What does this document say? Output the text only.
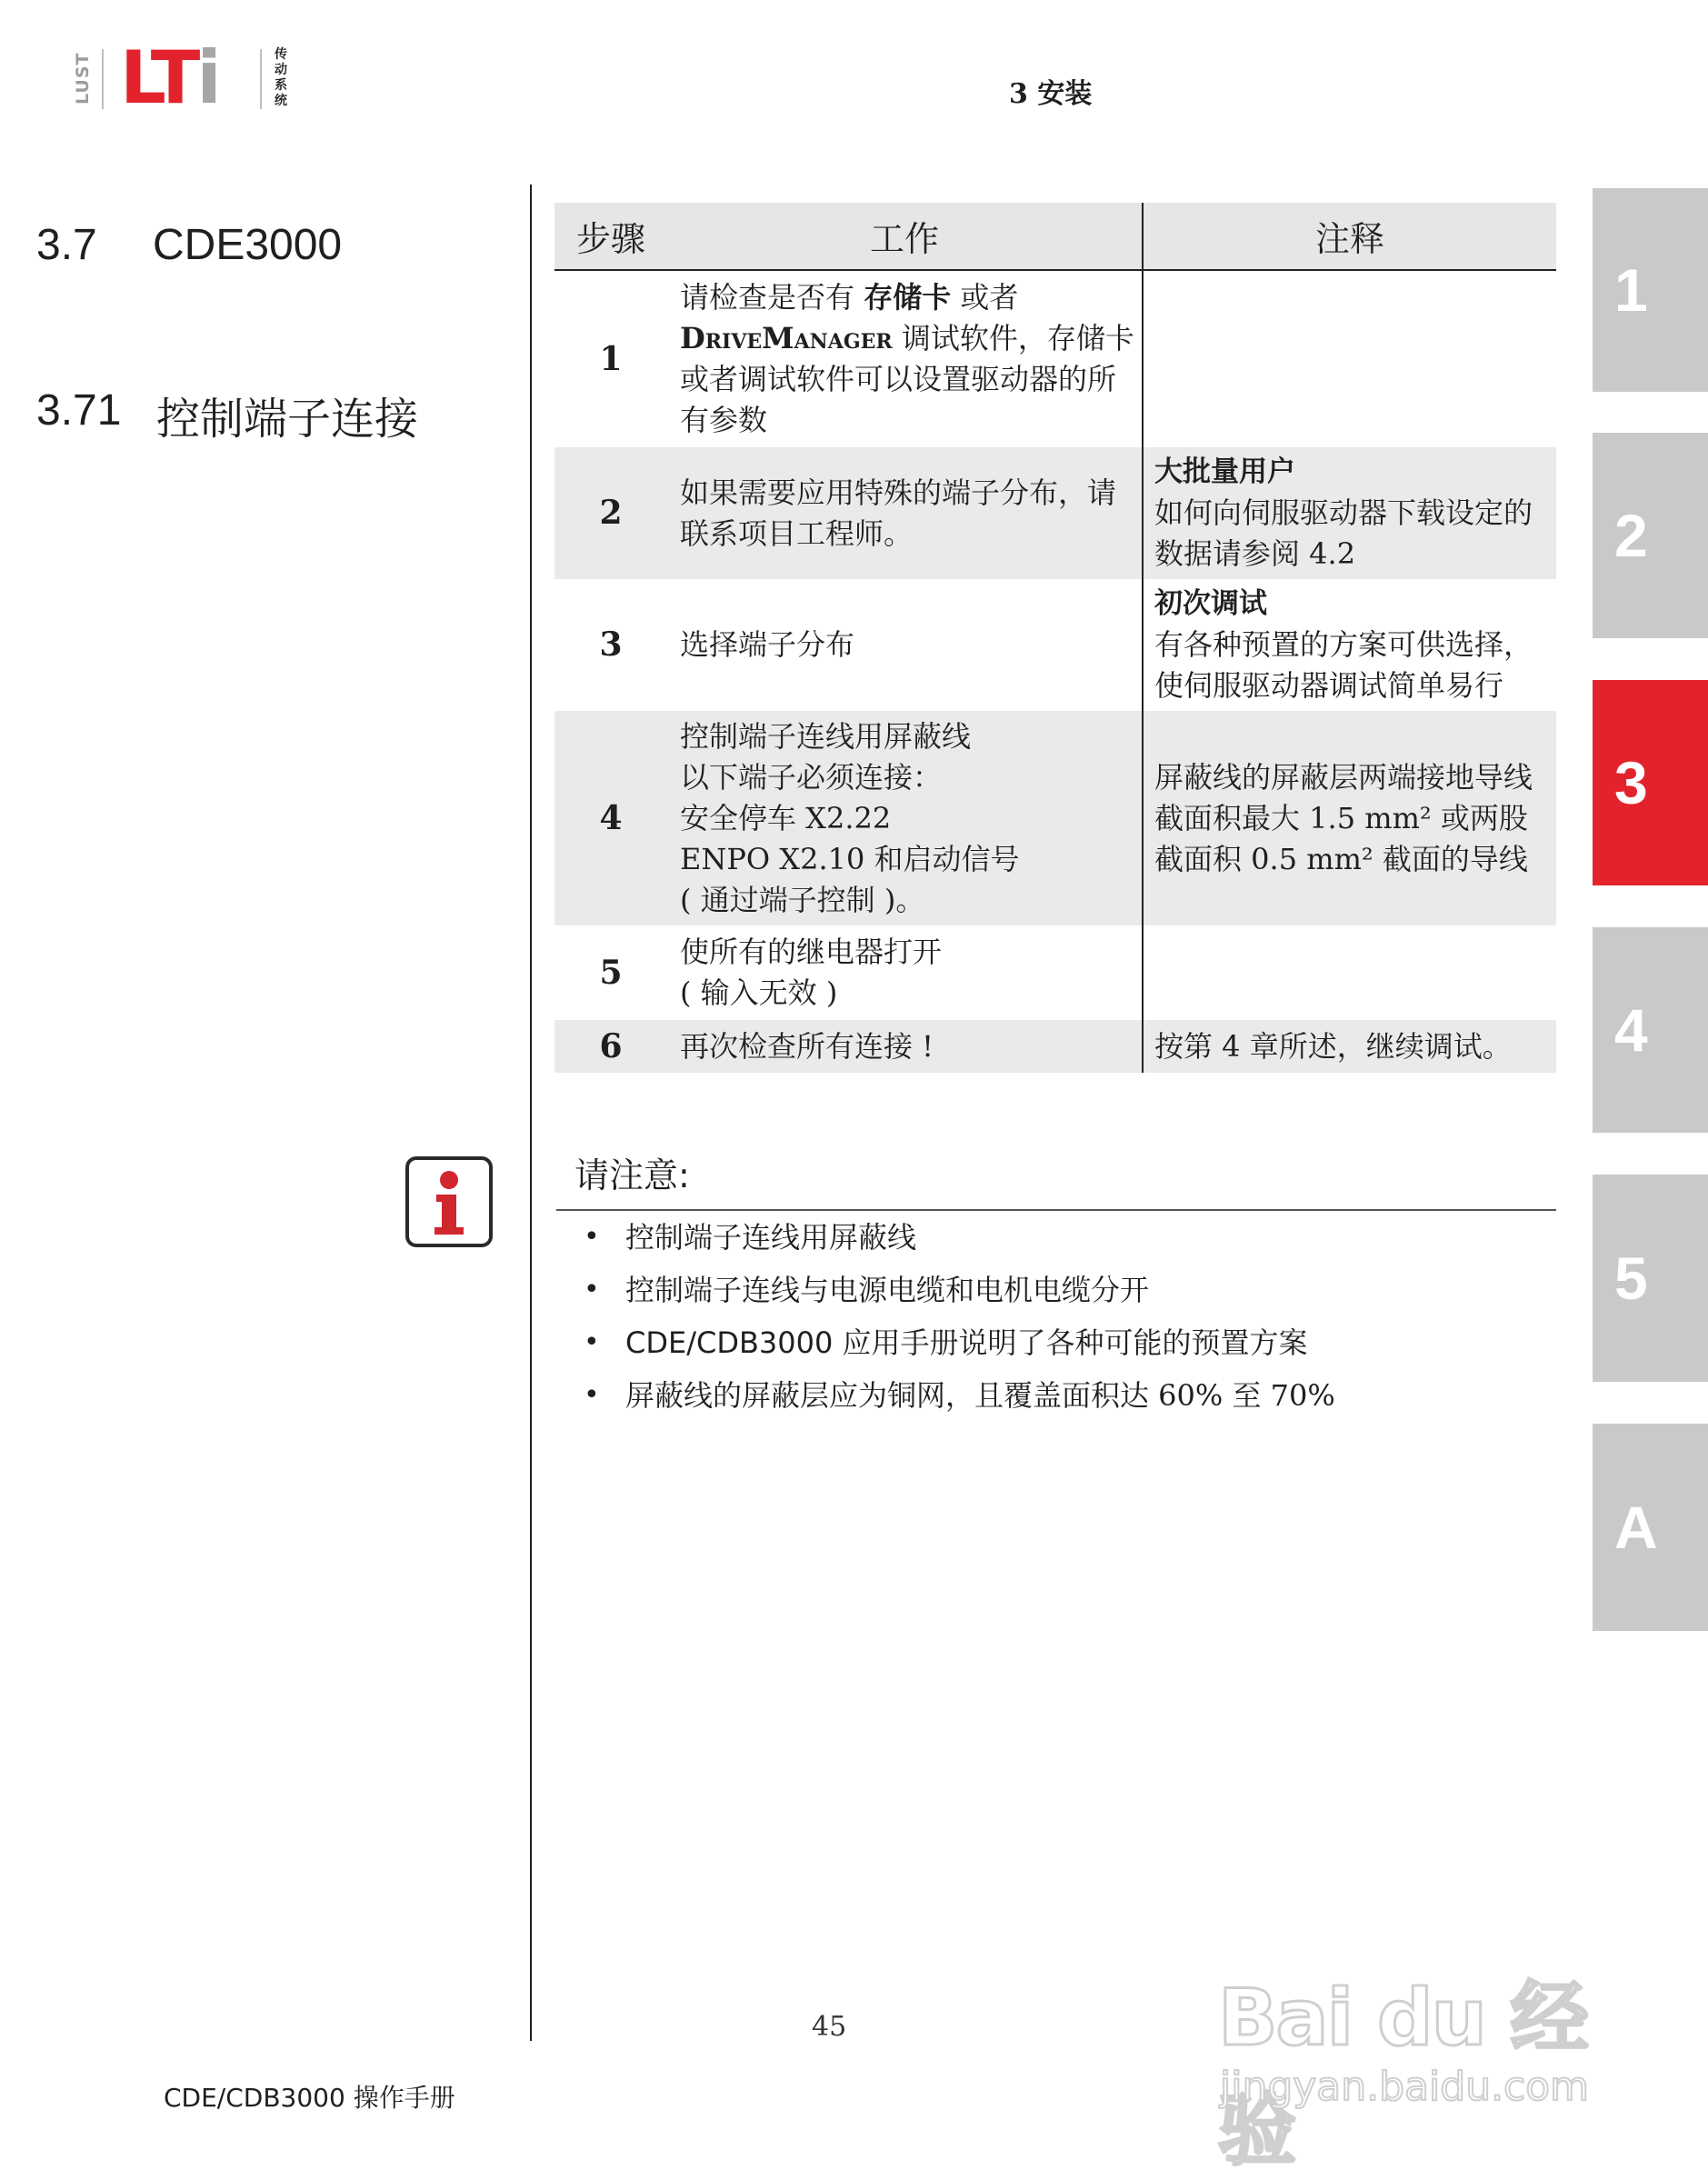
LUST LTi	传动系统	3 安装
3.7 CDE3000
3.71 控制端子连接
步骤	工作	注释
1	请检查是否有 存储卡 或者
DriveManager 调试软件，存储卡或者调试软件可以设置驱动器的所有参数	
2	如果需要应用特殊的端子分布，请联系项目工程师。	大批量用户
如何向伺服驱动器下载设定的数据请参阅 4.2

3	选择端子分布	初次调试
有各种预置的方案可供选择，使伺服驱动器调试简单易行

4	控制端子连线用屏蔽线
以下端子必须连接：
安全停车 X2.22
ENPO X2.10 和启动信号
( 通过端子控制 )。	屏蔽线的屏蔽层两端接地导线截面积最大 1.5 mm² 或两股截面积 0.5 mm² 截面的导线
5	使所有的继电器打开
( 输入无效 )	

6	再次检查所有连接 !	按第 4 章所述，继续调试。
请注意:
• 控制端子连线用屏蔽线
• 控制端子连线与电源电缆和电机电缆分开
• CDE/CDB3000 应用手册说明了各种可能的预置方案
• 屏蔽线的屏蔽层应为铜网，且覆盖面积达 60% 至 70%
45
CDE/CDB3000 操作手册
1
2
3
4
5
A
Bai du 经验
jingyan.baidu.com
